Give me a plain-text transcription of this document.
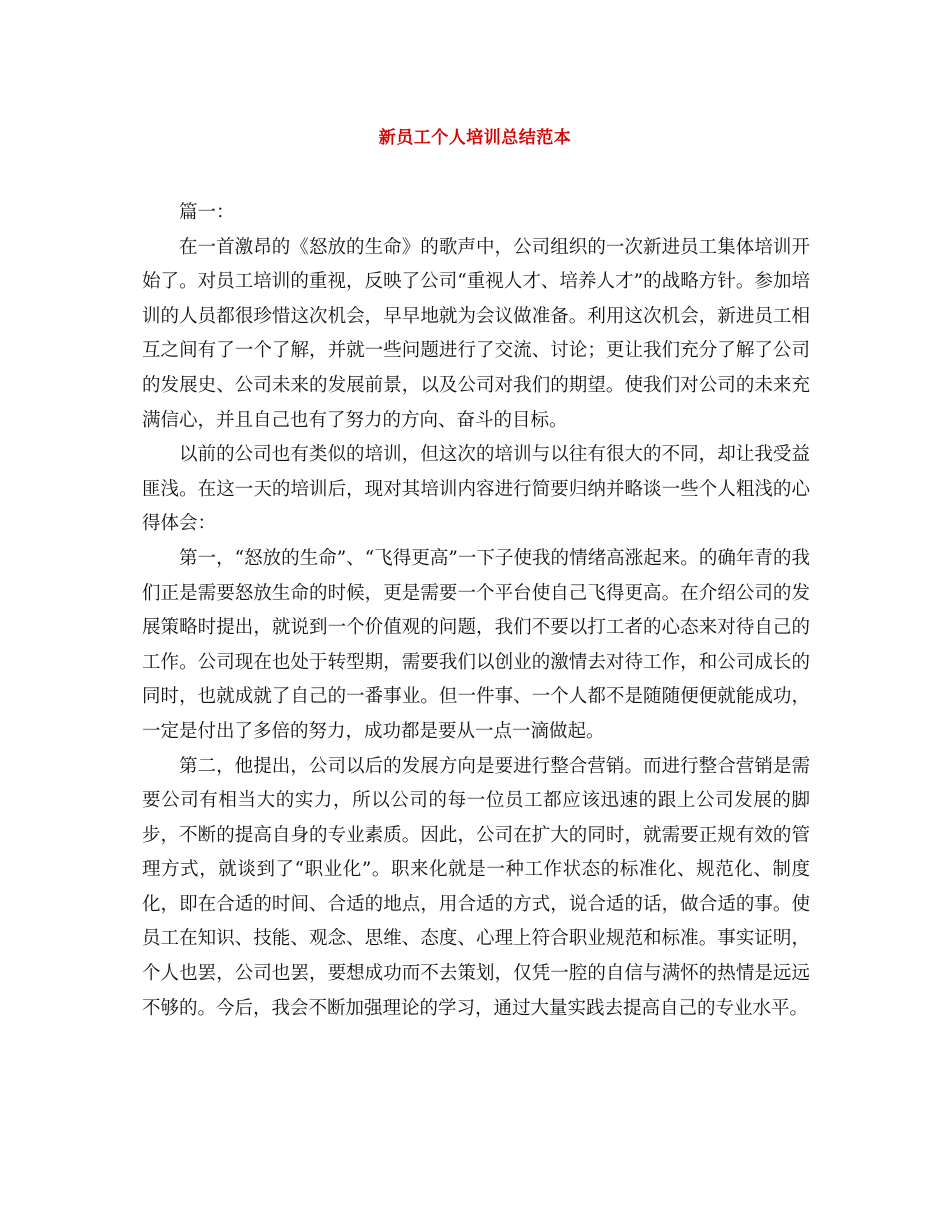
新员工个人培训总结范本

篇一：

在一首激昂的《怒放的生命》的歌声中，公司组织的一次新进员工集体培训开始了。对员工培训的重视，反映了公司“重视人才、培养人才”的战略方针。参加培训的人员都很珍惜这次机会，早早地就为会议做准备。利用这次机会，新进员工相互之间有了一个了解，并就一些问题进行了交流、讨论；更让我们充分了解了公司的发展史、公司未来的发展前景，以及公司对我们的期望。使我们对公司的未来充满信心，并且自己也有了努力的方向、奋斗的目标。

以前的公司也有类似的培训，但这次的培训与以往有很大的不同，却让我受益匪浅。在这一天的培训后，现对其培训内容进行简要归纳并略谈一些个人粗浅的心得体会：

第一，“怒放的生命”、“飞得更高”一下子使我的情绪高涨起来。的确年青的我们正是需要怒放生命的时候，更是需要一个平台使自己飞得更高。在介绍公司的发展策略时提出，就说到一个价值观的问题，我们不要以打工者的心态来对待自己的工作。公司现在也处于转型期，需要我们以创业的激情去对待工作，和公司成长的同时，也就成就了自己的一番事业。但一件事、一个人都不是随随便便就能成功，一定是付出了多倍的努力，成功都是要从一点一滴做起。

第二，他提出，公司以后的发展方向是要进行整合营销。而进行整合营销是需要公司有相当大的实力，所以公司的每一位员工都应该迅速的跟上公司发展的脚步，不断的提高自身的专业素质。因此，公司在扩大的同时，就需要正规有效的管理方式，就谈到了“职业化”。职来化就是一种工作状态的标准化、规范化、制度化，即在合适的时间、合适的地点，用合适的方式，说合适的话，做合适的事。使员工在知识、技能、观念、思维、态度、心理上符合职业规范和标准。事实证明，个人也罢，公司也罢，要想成功而不去策划，仅凭一腔的自信与满怀的热情是远远不够的。今后，我会不断加强理论的学习，通过大量实践去提高自己的专业水平。
